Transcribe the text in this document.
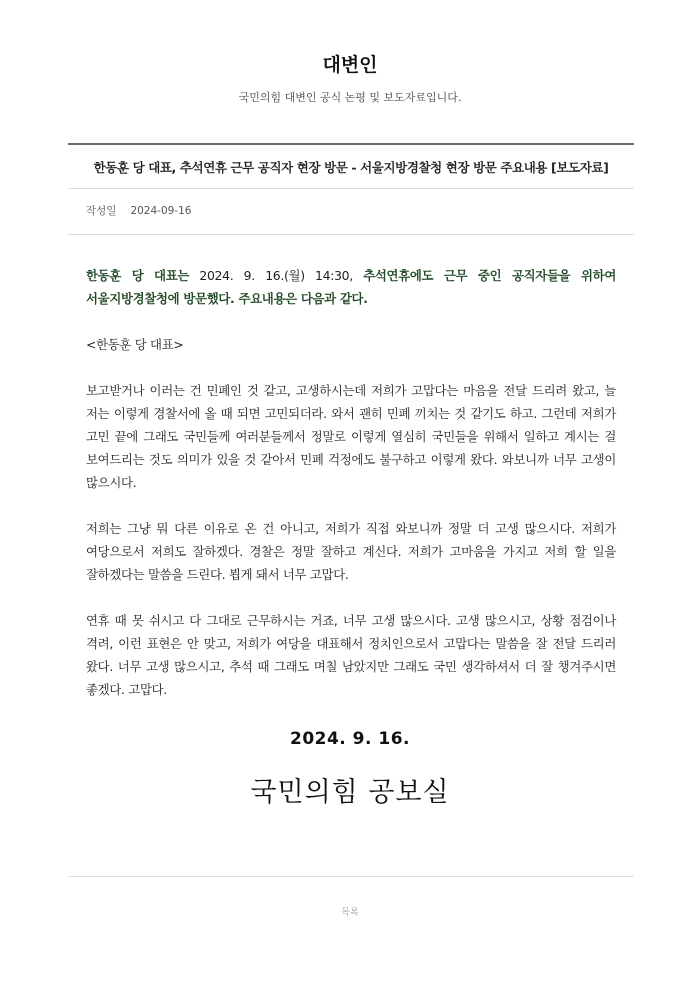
대변인
국민의힘 대변인 공식 논평 및 보도자료입니다.
한동훈 당 대표, 추석연휴 근무 공직자 현장 방문 - 서울지방경찰청 현장 방문 주요내용 [보도자료]
작성일 2024-09-16

한동훈 당 대표는 2024. 9. 16.(월) 14:30, 추석연휴에도 근무 중인 공직자들을 위하여 서울지방경찰청에 방문했다. 주요내용은 다음과 같다.

<한동훈 당 대표>

보고받거나 이러는 건 민폐인 것 같고, 고생하시는데 저희가 고맙다는 마음을 전달 드리려 왔고, 늘 저는 이렇게 경찰서에 올 때 되면 고민되더라. 와서 괜히 민폐 끼치는 것 같기도 하고. 그런데 저희가 고민 끝에 그래도 국민들께 여러분들께서 정말로 이렇게 열심히 국민들을 위해서 일하고 계시는 걸 보여드리는 것도 의미가 있을 것 같아서 민폐 걱정에도 불구하고 이렇게 왔다. 와보니까 너무 고생이 많으시다.

저희는 그냥 뭐 다른 이유로 온 건 아니고, 저희가 직접 와보니까 정말 더 고생 많으시다. 저희가 여당으로서 저희도 잘하겠다. 경찰은 정말 잘하고 계신다. 저희가 고마움을 가지고 저희 할 일을 잘하겠다는 말씀을 드린다. 뵙게 돼서 너무 고맙다.

연휴 때 못 쉬시고 다 그대로 근무하시는 거죠, 너무 고생 많으시다. 고생 많으시고, 상황 점검이나 격려, 이런 표현은 안 맞고, 저희가 여당을 대표해서 정치인으로서 고맙다는 말씀을 잘 전달 드리러 왔다. 너무 고생 많으시고, 추석 때 그래도 며칠 남았지만 그래도 국민 생각하셔서 더 잘 챙겨주시면 좋겠다. 고맙다.

2024. 9. 16.
국민의힘 공보실
목록
